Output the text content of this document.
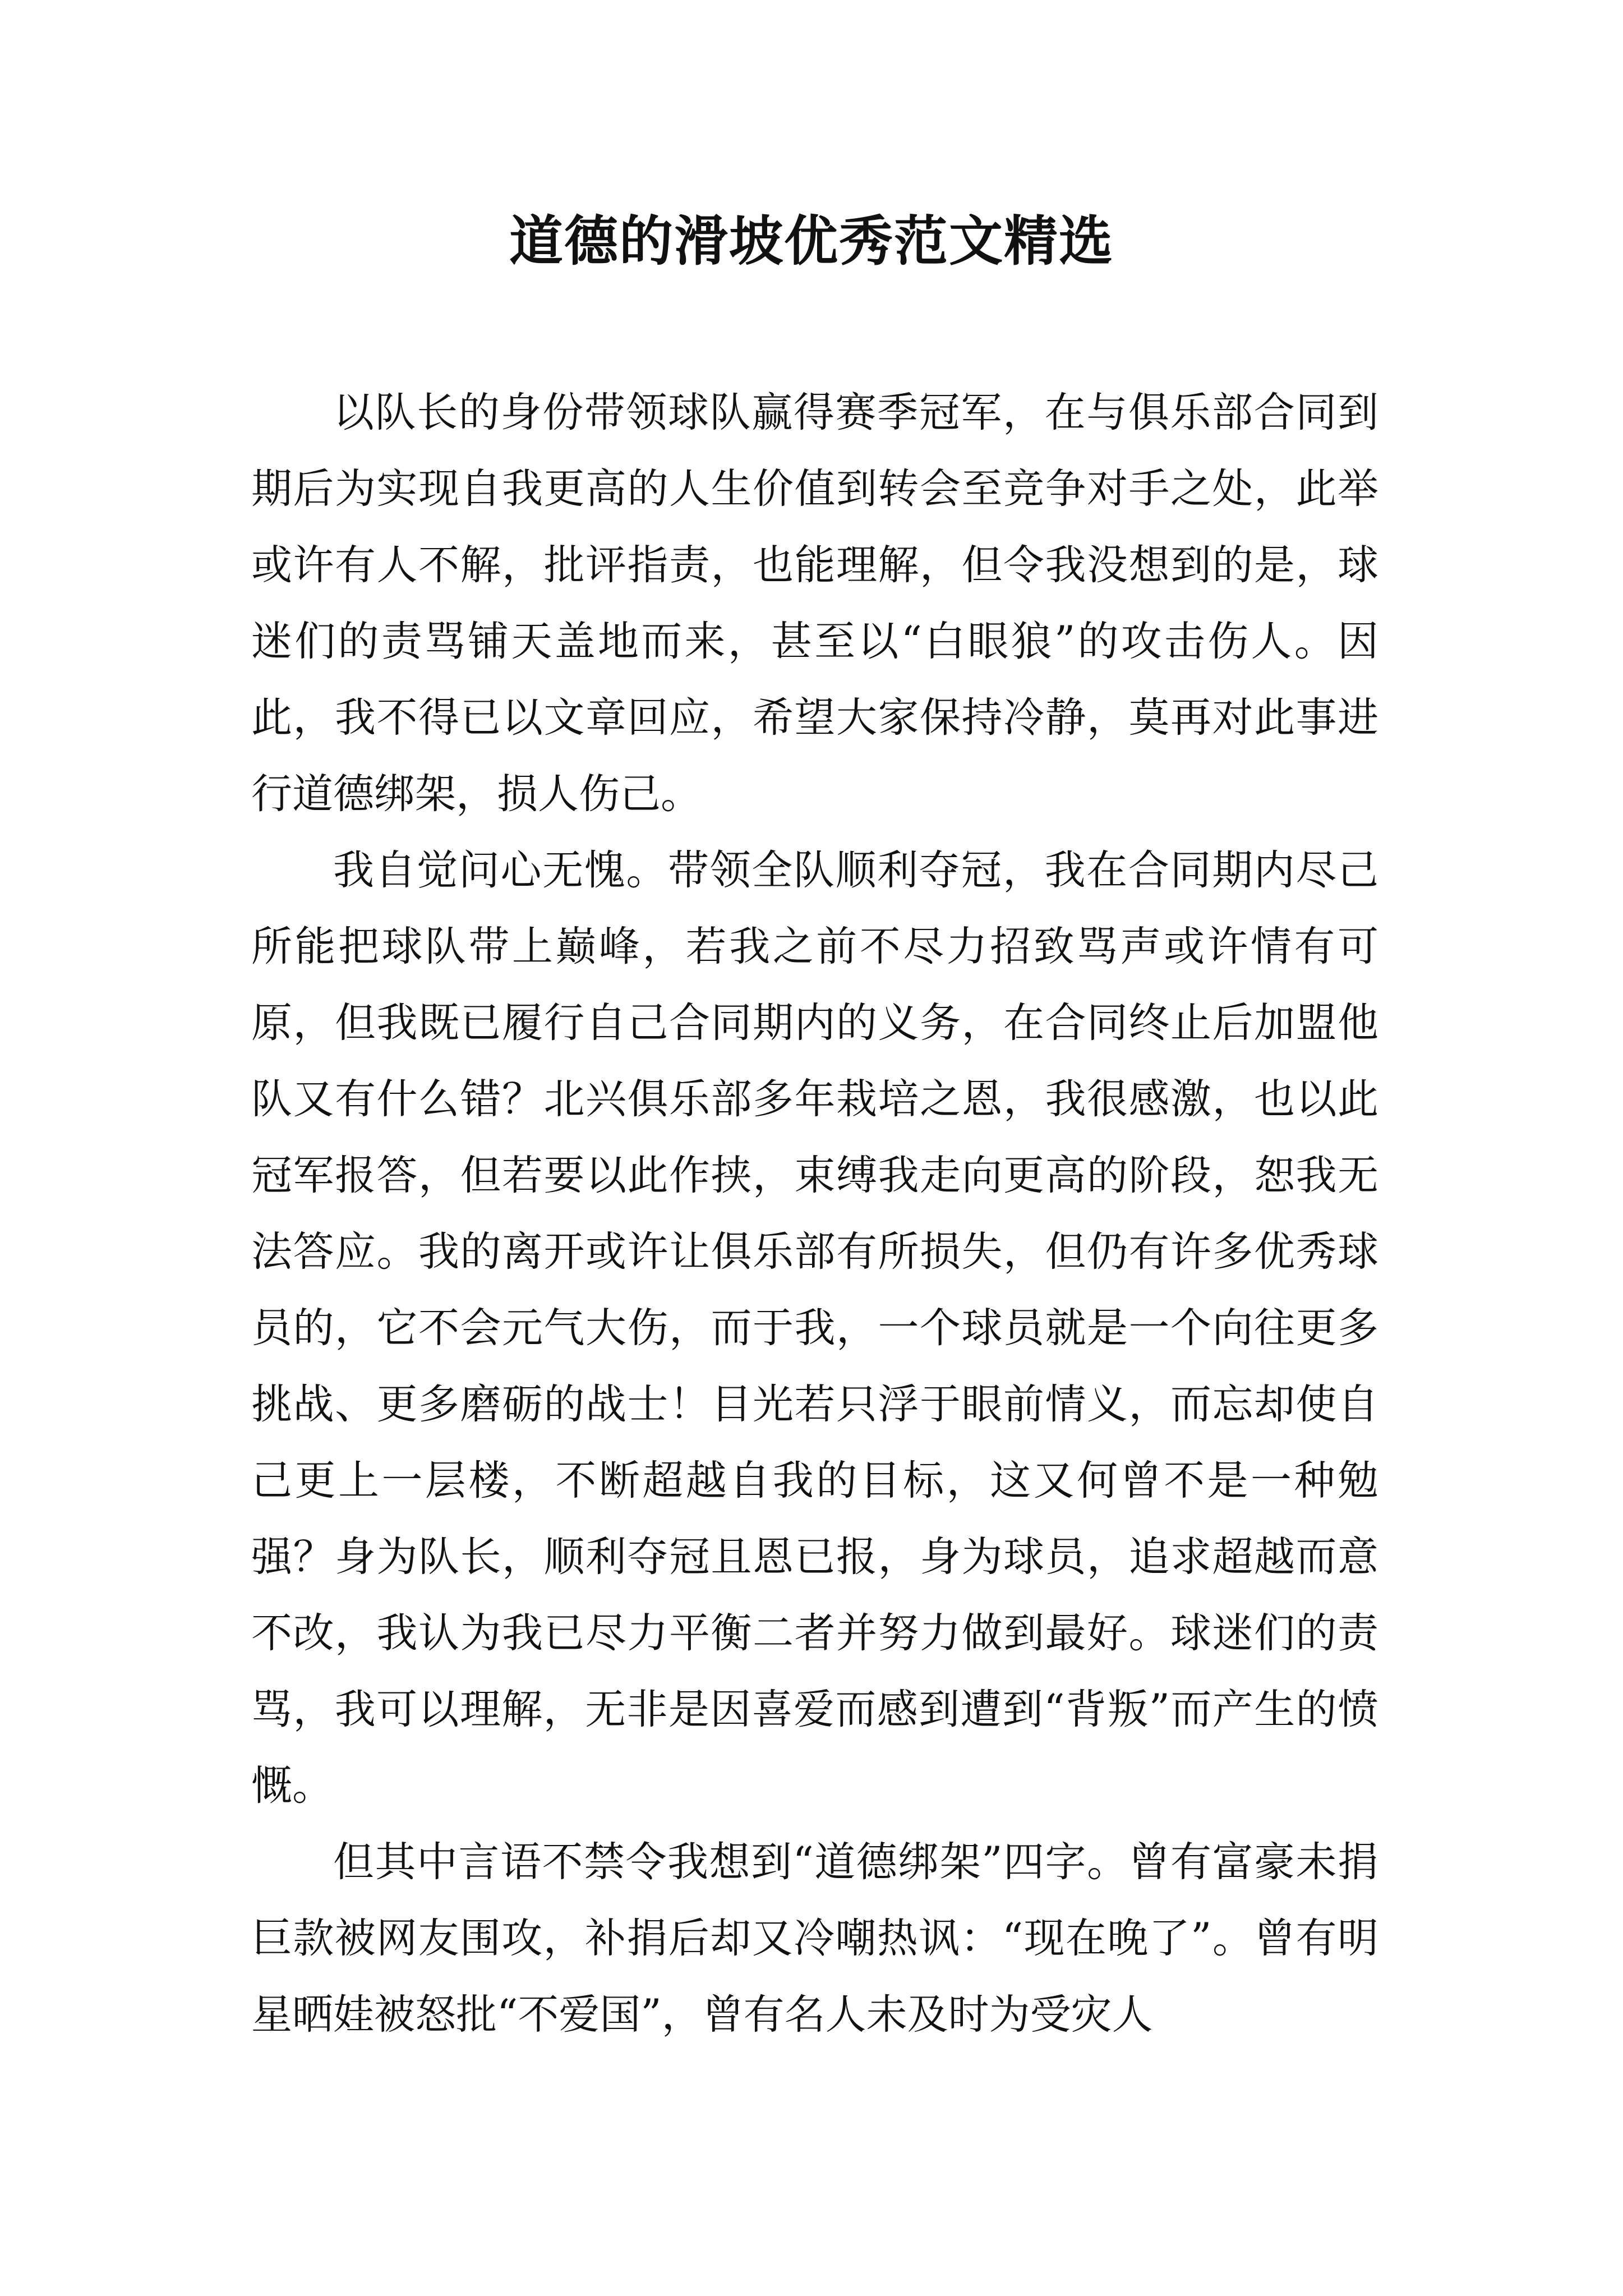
道德的滑坡优秀范文精选

以队长的身份带领球队赢得赛季冠军，在与俱乐部合同到期后为实现自我更高的人生价值到转会至竞争对手之处，此举或许有人不解，批评指责，也能理解，但令我没想到的是，球迷们的责骂铺天盖地而来，甚至以“白眼狼”的攻击伤人。因此，我不得已以文章回应，希望大家保持冷静，莫再对此事进行道德绑架，损人伤己。

我自觉问心无愧。带领全队顺利夺冠，我在合同期内尽己所能把球队带上巅峰，若我之前不尽力招致骂声或许情有可原，但我既已履行自己合同期内的义务，在合同终止后加盟他队又有什么错？北兴俱乐部多年栽培之恩，我很感激，也以此冠军报答，但若要以此作挟，束缚我走向更高的阶段，恕我无法答应。我的离开或许让俱乐部有所损失，但仍有许多优秀球员的，它不会元气大伤，而于我，一个球员就是一个向往更多挑战、更多磨砺的战士！目光若只浮于眼前情义，而忘却使自己更上一层楼，不断超越自我的目标，这又何曾不是一种勉强？身为队长，顺利夺冠且恩已报，身为球员，追求超越而意不改，我认为我已尽力平衡二者并努力做到最好。球迷们的责骂，我可以理解，无非是因喜爱而感到遭到“背叛”而产生的愤慨。

但其中言语不禁令我想到“道德绑架”四字。曾有富豪未捐巨款被网友围攻，补捐后却又冷嘲热讽：“现在晚了”。曾有明星晒娃被怒批“不爱国”，曾有名人未及时为受灾人
